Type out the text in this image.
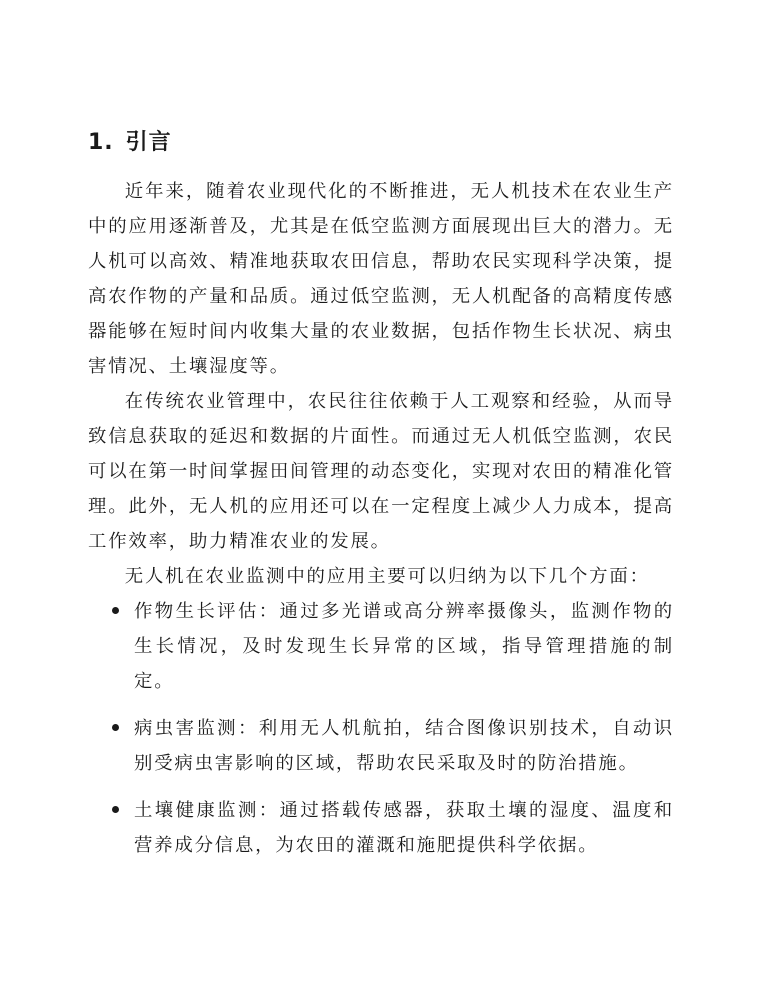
1. 引言

近年来，随着农业现代化的不断推进，无人机技术在农业生产中的应用逐渐普及，尤其是在低空监测方面展现出巨大的潜力。无人机可以高效、精准地获取农田信息，帮助农民实现科学决策，提高农作物的产量和品质。通过低空监测，无人机配备的高精度传感器能够在短时间内收集大量的农业数据，包括作物生长状况、病虫害情况、土壤湿度等。

在传统农业管理中，农民往往依赖于人工观察和经验，从而导致信息获取的延迟和数据的片面性。而通过无人机低空监测，农民可以在第一时间掌握田间管理的动态变化，实现对农田的精准化管理。此外，无人机的应用还可以在一定程度上减少人力成本，提高工作效率，助力精准农业的发展。

无人机在农业监测中的应用主要可以归纳为以下几个方面：

作物生长评估：通过多光谱或高分辨率摄像头，监测作物的生长情况，及时发现生长异常的区域，指导管理措施的制定。
病虫害监测：利用无人机航拍，结合图像识别技术，自动识别受病虫害影响的区域，帮助农民采取及时的防治措施。
土壤健康监测：通过搭载传感器，获取土壤的湿度、温度和营养成分信息，为农田的灌溉和施肥提供科学依据。
